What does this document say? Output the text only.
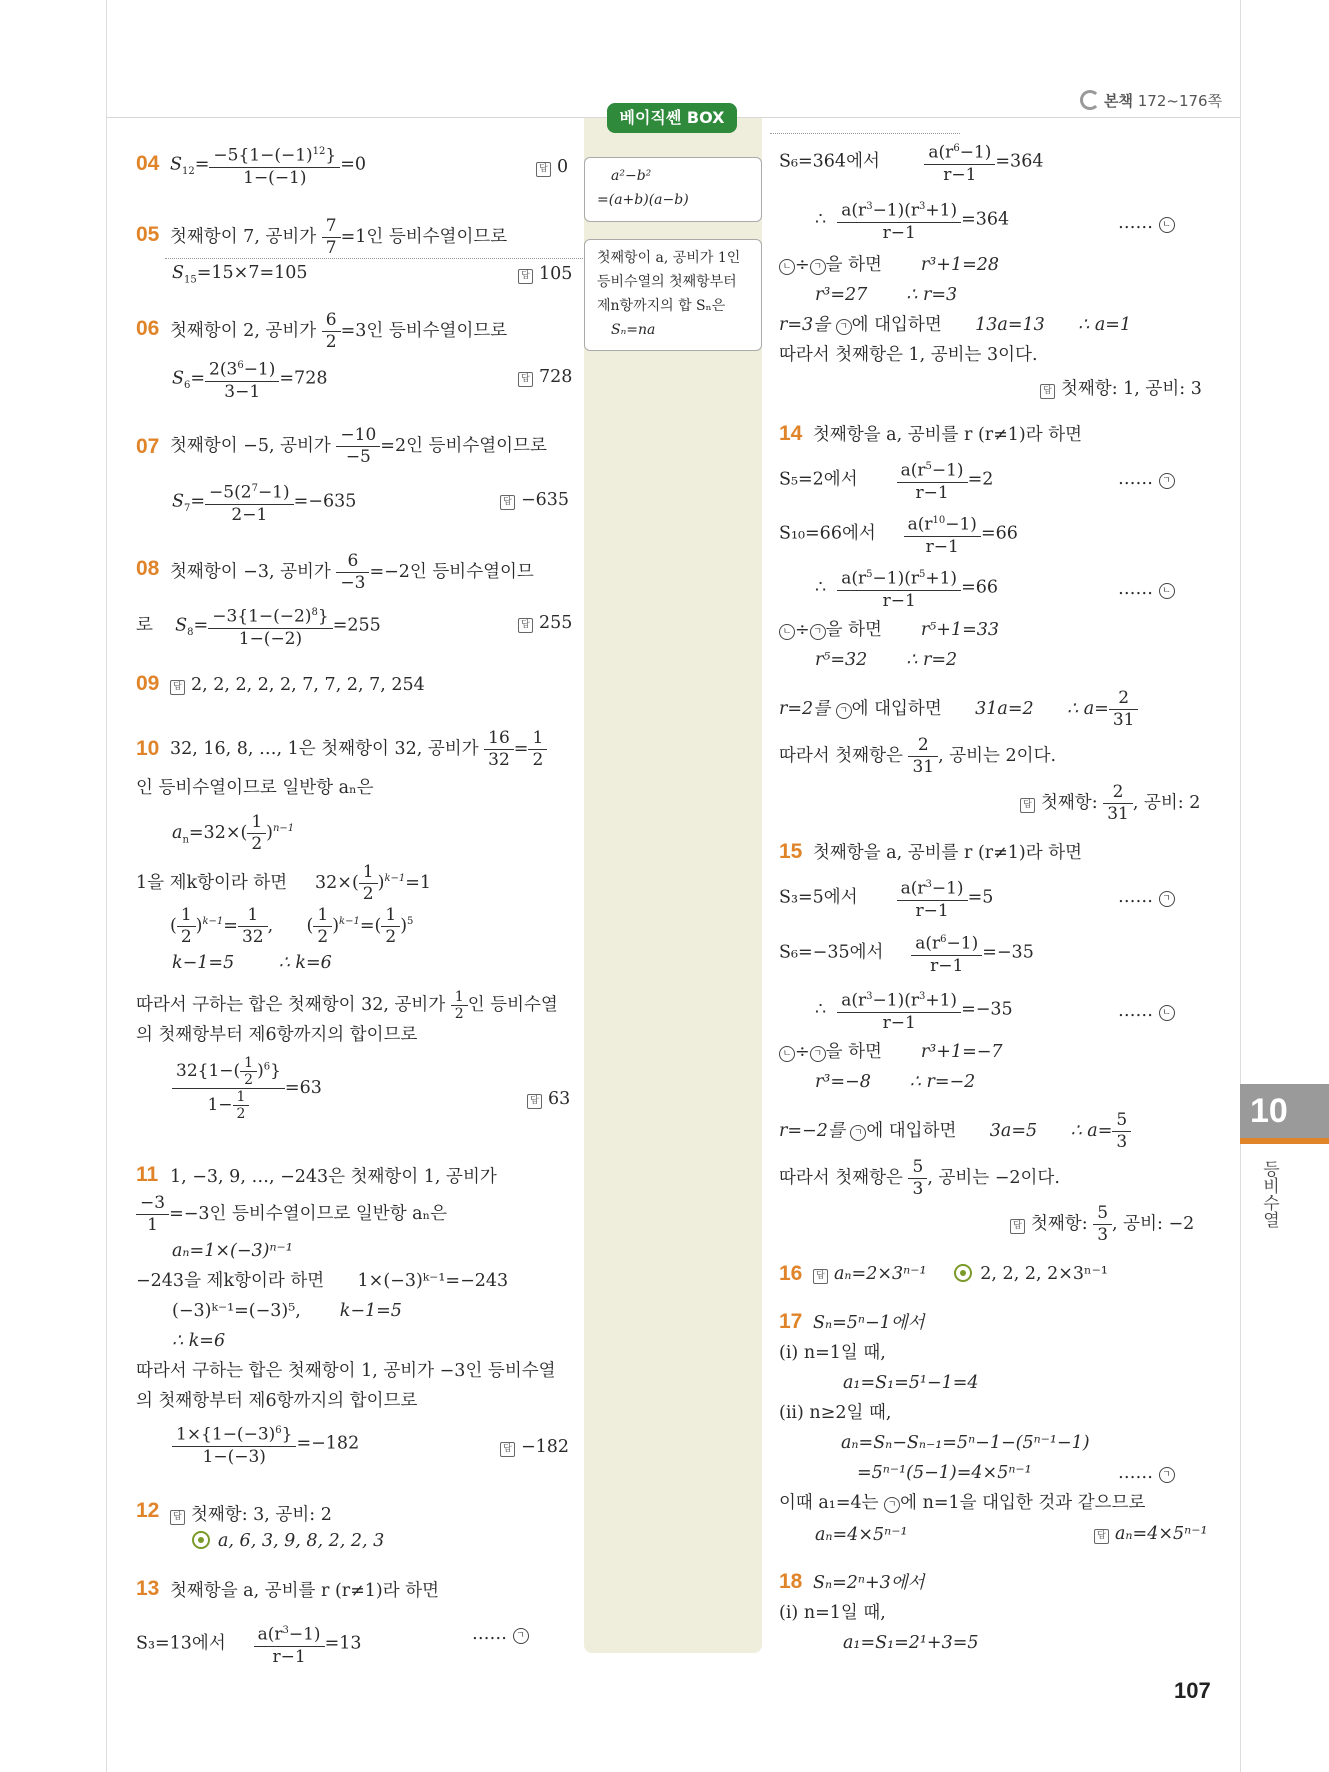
본책 172~176쪽
베이직쎈 BOX
a²−b²
=(a+b)(a−b)
첫째항이 a, 공비가 1인
등비수열의 첫째항부터
제n항까지의 합 Sₙ은
Sₙ=na
10
등비수열
04 $S_{12}= \frac{-5\{1-(-1)^{12}\}}{1-(-1)} =0$	답 0
05 첫째항이 7, 공비가 $\frac{7}{7} =1$인 등비수열이므로
$S_{15}=15\times 7=105$	답 105
06 첫째항이 2, 공비가 $\frac{6}{2} =3$인 등비수열이므로
$S_6= \frac{2(3^6-1)}{3-1} =728$	답 728
07 첫째항이 −5, 공비가 $\frac{-10}{-5} =2$인 등비수열이므로
$S_7= \frac{-5(2^7-1)}{2-1} =-635$	답 −635
08 첫째항이 −3, 공비가 $\frac{6}{-3} =-2$인 등비수열이므
로 $S_8= \frac{-3\{1-(-2)^8\}}{1-(-2)} =255$	답 255
09	답 2, 2, 2, 2, 2, 7, 7, 2, 7, 254
10 32, 16, 8, …, 1은 첫째항이 32, 공비가 $\frac{16}{32} = \frac{1}{2}$
인 등비수열이므로 일반항 aₙ은
$a_n=32\times( \frac{1}{2} )^{n-1}$
1을 제k항이라 하면     $32\times( \frac{1}{2} )^{k-1}=1$
( $\frac{1}{2} )^{k-1}= \frac{1}{32}$ ,      ( $\frac{1}{2} )^{k-1}=( \frac{1}{2} )^5$
k−1=5	∴ k=6
따라서 구하는 합은 첫째항이 32, 공비가 $\frac{1}{2}$ 인 등비수열
의 첫째항부터 제6항까지의 합이므로
$\frac{32\{1-( \frac{1}{2} )^6\}}{1- \frac{1}{2}} =63$
답 63
11 1, −3, 9, …, −243은 첫째항이 1, 공비가
$\frac{-3}{1} =-3$인 등비수열이므로 일반항 aₙ은
aₙ=1×(−3)ⁿ⁻¹
−243을 제k항이라 하면 1×(−3)ᵏ⁻¹=−243
(−3)ᵏ⁻¹=(−3)⁵, k−1=5
∴ k=6
따라서 구하는 합은 첫째항이 1, 공비가 −3인 등비수열
의 첫째항부터 제6항까지의 합이므로
$\frac{1\times\{1-(-3)^6\}}{1-(-3)} =-182$	답 −182
12	답 첫째항: 3, 공비: 2
a, 6, 3, 9, 8, 2, 2, 3
13 첫째항을 a, 공비를 r (r≠1)라 하면
S₃=13에서 $\frac{a(r^3-1)}{r-1} =13$	…… ㄱ
S₆=364에서	$\frac{a(r^6-1)}{r-1} =364$
∴ $\frac{a(r^3-1)(r^3+1)}{r-1} =364$	…… ㄴ
ㄴ ÷ ㄱ 을 하면 r³+1=28
r³=27 ∴ r=3
r=3을 ㄱ 에 대입하면 13a=13 ∴ a=1
따라서 첫째항은 1, 공비는 3이다.
답 첫째항: 1, 공비: 3
14 첫째항을 a, 공비를 r (r≠1)라 하면
S₅=2에서 $\frac{a(r^5-1)}{r-1} =2$	…… ㄱ
S₁₀=66에서 $\frac{a(r^{10}-1)}{r-1} =66$
∴ $\frac{a(r^5-1)(r^5+1)}{r-1} =66$	…… ㄴ
ㄴ ÷ ㄱ 을 하면 r⁵+1=33
r⁵=32 ∴ r=2
r=2를 ㄱ 에 대입하면 31a=2 ∴ $a= \frac{2}{31}$
따라서 첫째항은 $\frac{2}{31}$ , 공비는 2이다.
답 첫째항: $\frac{2}{31}$ , 공비: 2
15 첫째항을 a, 공비를 r (r≠1)라 하면
S₃=5에서 $\frac{a(r^3-1)}{r-1} =5$	…… ㄱ
S₆=−35에서 $\frac{a(r^6-1)}{r-1} =-35$
∴ $\frac{a(r^3-1)(r^3+1)}{r-1} =-35$	…… ㄴ
ㄴ ÷ ㄱ 을 하면 r³+1=−7
r³=−8 ∴ r=−2
r=−2를 ㄱ 에 대입하면 3a=5 ∴ $a= \frac{5}{3}$
따라서 첫째항은 $\frac{5}{3}$ , 공비는 −2이다.
답 첫째항: $\frac{5}{3}$ , 공비: −2
16	답 aₙ=2×3ⁿ⁻¹	2, 2, 2, 2×3ⁿ⁻¹
17 Sₙ=5ⁿ−1에서
(i) n=1일 때,
a₁=S₁=5¹−1=4
(ii) n≥2일 때,
aₙ=Sₙ−Sₙ₋₁=5ⁿ−1−(5ⁿ⁻¹−1)
=5ⁿ⁻¹(5−1)=4×5ⁿ⁻¹	…… ㄱ
이때 a₁=4는 ㄱ 에 n=1을 대입한 것과 같으므로
aₙ=4×5ⁿ⁻¹	답 aₙ=4×5ⁿ⁻¹
18 Sₙ=2ⁿ+3에서
(i) n=1일 때,
a₁=S₁=2¹+3=5
107
